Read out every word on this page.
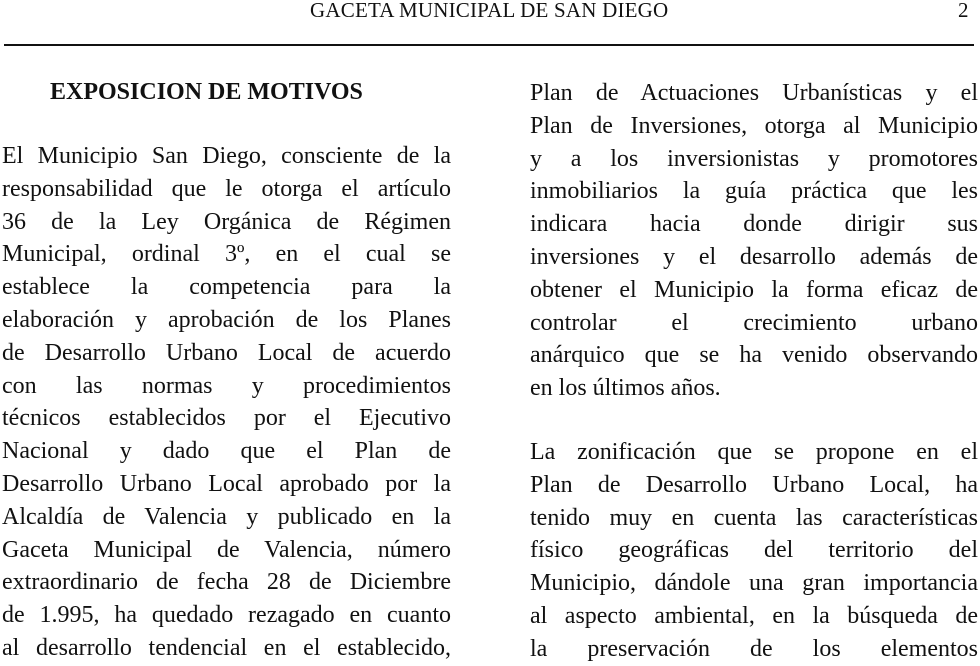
GACETA MUNICIPAL DE SAN DIEGO	2
EXPOSICION DE MOTIVOS
El Municipio San Diego, consciente de la
responsabilidad que le otorga el artículo
36 de la Ley Orgánica de Régimen
Municipal, ordinal 3º, en el cual se
establece la competencia para la
elaboración y aprobación de los Planes
de Desarrollo Urbano Local de acuerdo
con las normas y procedimientos
técnicos establecidos por el Ejecutivo
Nacional y dado que el Plan de
Desarrollo Urbano Local aprobado por la
Alcaldía de Valencia y publicado en la
Gaceta Municipal de Valencia, número
extraordinario de fecha 28 de Diciembre
de 1.995, ha quedado rezagado en cuanto
al desarrollo tendencial en el establecido,
Plan de Actuaciones Urbanísticas y el
Plan de Inversiones, otorga al Municipio
y a los inversionistas y promotores
inmobiliarios la guía práctica que les
indicara hacia donde dirigir sus
inversiones y el desarrollo además de
obtener el Municipio la forma eficaz de
controlar el crecimiento urbano
anárquico que se ha venido observando
en los últimos años.
La zonificación que se propone en el
Plan de Desarrollo Urbano Local, ha
tenido muy en cuenta las características
físico geográficas del territorio del
Municipio, dándole una gran importancia
al aspecto ambiental, en la búsqueda de
la preservación de los elementos
